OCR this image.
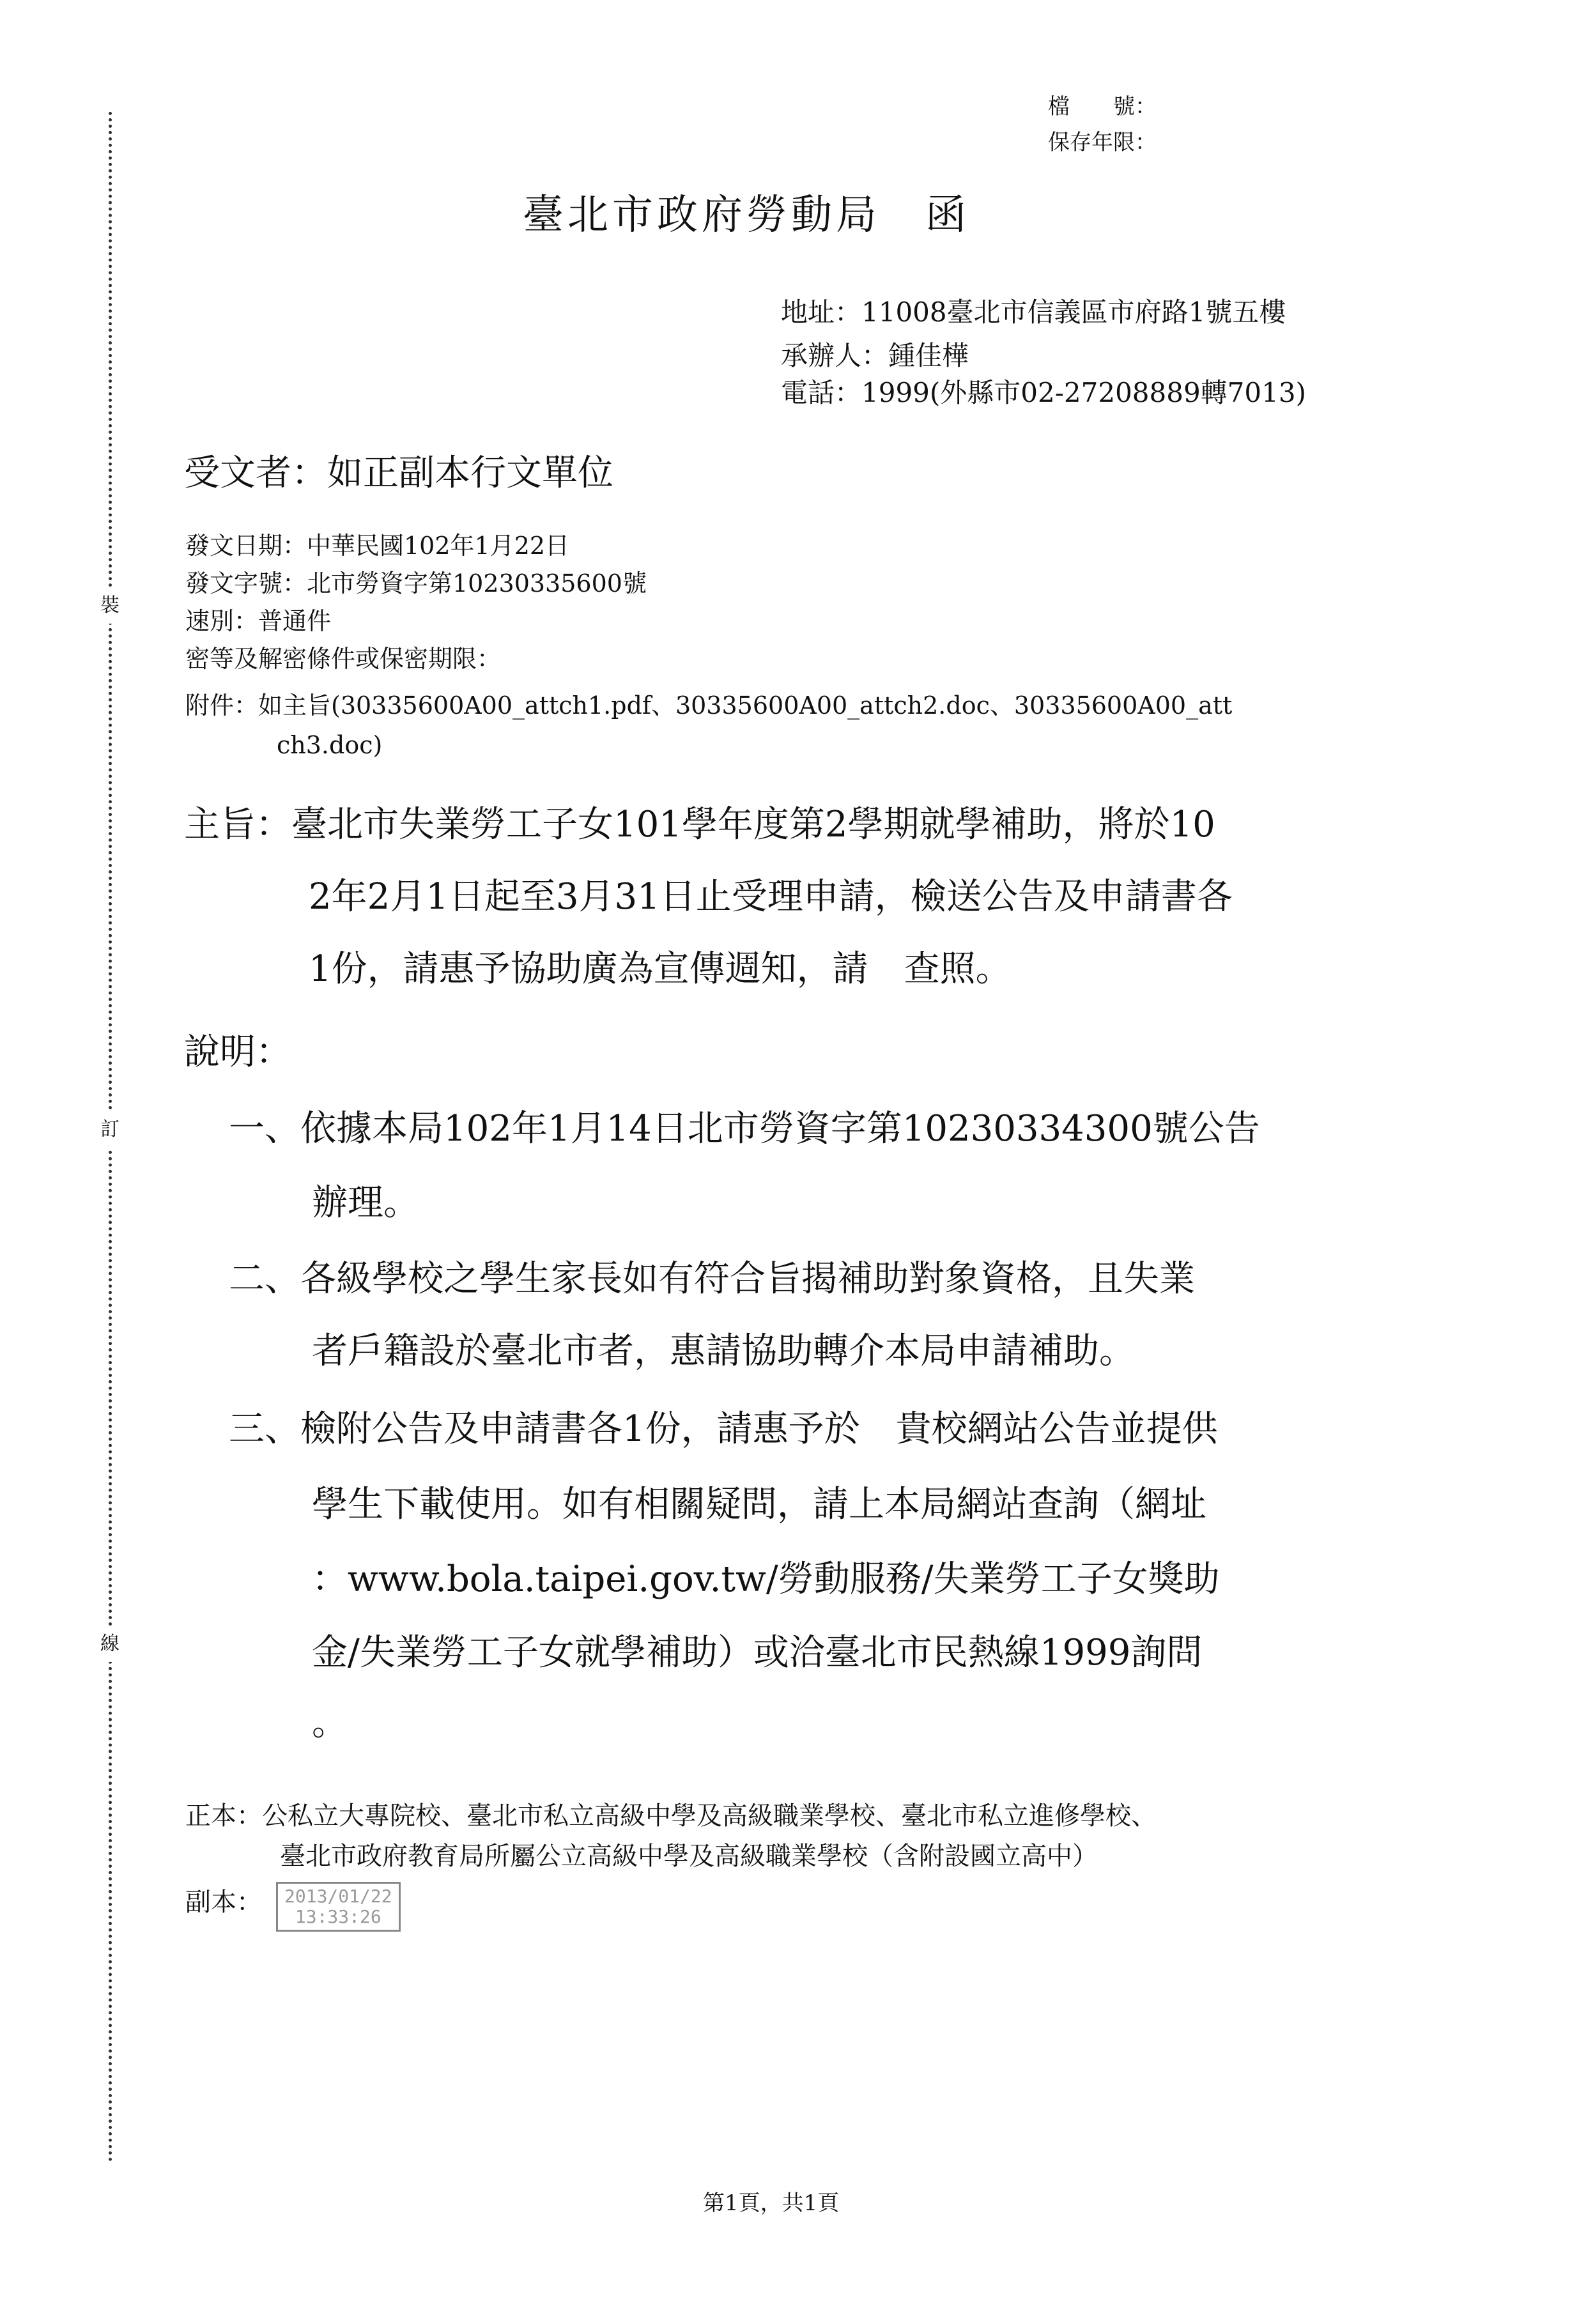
裝
訂
線
檔　　號：
保存年限：
臺北市政府勞動局　函
地址：11008臺北市信義區市府路1號五樓
承辦人：鍾佳樺
電話：1999(外縣市02-27208889轉7013)
受文者：如正副本行文單位
發文日期：中華民國102年1月22日
發文字號：北市勞資字第10230335600號
速別：普通件
密等及解密條件或保密期限：
附件：如主旨(30335600A00_attch1.pdf、30335600A00_attch2.doc、30335600A00_att
ch3.doc)
主旨：臺北市失業勞工子女101學年度第2學期就學補助，將於10
2年2月1日起至3月31日止受理申請，檢送公告及申請書各
1份，請惠予協助廣為宣傳週知，請　查照。
說明：
一、依據本局102年1月14日北市勞資字第10230334300號公告
辦理。
二、各級學校之學生家長如有符合旨揭補助對象資格，且失業
者戶籍設於臺北市者，惠請協助轉介本局申請補助。
三、檢附公告及申請書各1份，請惠予於　貴校網站公告並提供
學生下載使用。如有相關疑問，請上本局網站查詢（網址
：www.bola.taipei.gov.tw/勞動服務/失業勞工子女獎助
金/失業勞工子女就學補助）或洽臺北市民熱線1999詢問
。
正本：公私立大專院校、臺北市私立高級中學及高級職業學校、臺北市私立進修學校、
臺北市政府教育局所屬公立高級中學及高級職業學校（含附設國立高中）
副本： 2013/01/22
13:33:26
第1頁，共1頁
